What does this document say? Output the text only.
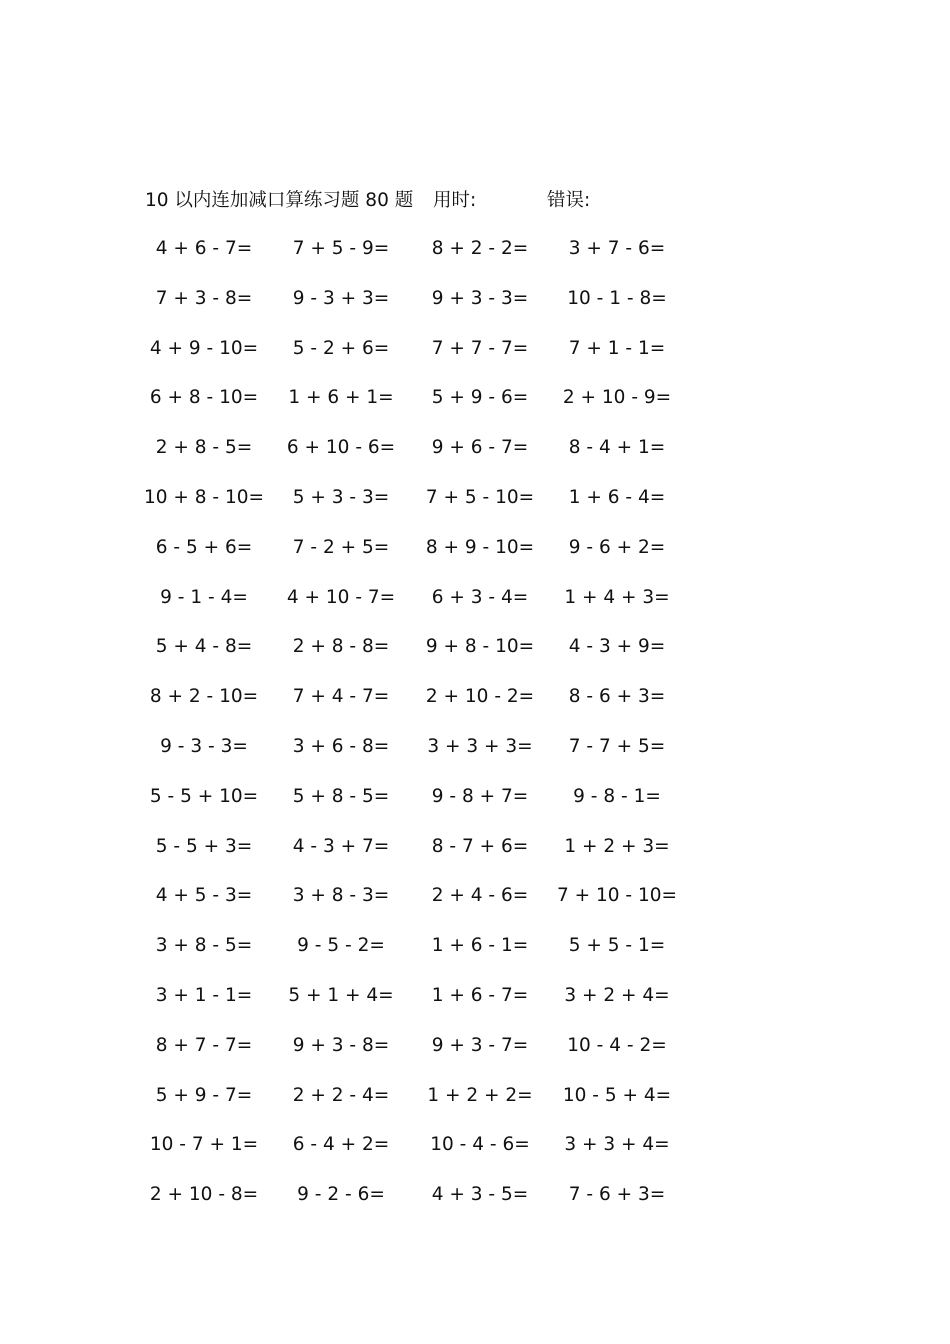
10 以内连加减口算练习题 80 题 用时:	错误:
4 + 6 - 7=	7 + 5 - 9=	8 + 2 - 2=	3 + 7 - 6=
7 + 3 - 8=	9 - 3 + 3=	9 + 3 - 3=	10 - 1 - 8=
4 + 9 - 10=	5 - 2 + 6=	7 + 7 - 7=	7 + 1 - 1=
6 + 8 - 10=	1 + 6 + 1=	5 + 9 - 6=	2 + 10 - 9=
2 + 8 - 5=	6 + 10 - 6=	9 + 6 - 7=	8 - 4 + 1=
10 + 8 - 10=	5 + 3 - 3=	7 + 5 - 10=	1 + 6 - 4=
6 - 5 + 6=	7 - 2 + 5=	8 + 9 - 10=	9 - 6 + 2=
9 - 1 - 4=	4 + 10 - 7=	6 + 3 - 4=	1 + 4 + 3=
5 + 4 - 8=	2 + 8 - 8=	9 + 8 - 10=	4 - 3 + 9=
8 + 2 - 10=	7 + 4 - 7=	2 + 10 - 2=	8 - 6 + 3=
9 - 3 - 3=	3 + 6 - 8=	3 + 3 + 3=	7 - 7 + 5=
5 - 5 + 10=	5 + 8 - 5=	9 - 8 + 7=	9 - 8 - 1=
5 - 5 + 3=	4 - 3 + 7=	8 - 7 + 6=	1 + 2 + 3=
4 + 5 - 3=	3 + 8 - 3=	2 + 4 - 6=	7 + 10 - 10=
3 + 8 - 5=	9 - 5 - 2=	1 + 6 - 1=	5 + 5 - 1=
3 + 1 - 1=	5 + 1 + 4=	1 + 6 - 7=	3 + 2 + 4=
8 + 7 - 7=	9 + 3 - 8=	9 + 3 - 7=	10 - 4 - 2=
5 + 9 - 7=	2 + 2 - 4=	1 + 2 + 2=	10 - 5 + 4=
10 - 7 + 1=	6 - 4 + 2=	10 - 4 - 6=	3 + 3 + 4=
2 + 10 - 8=	9 - 2 - 6=	4 + 3 - 5=	7 - 6 + 3=
